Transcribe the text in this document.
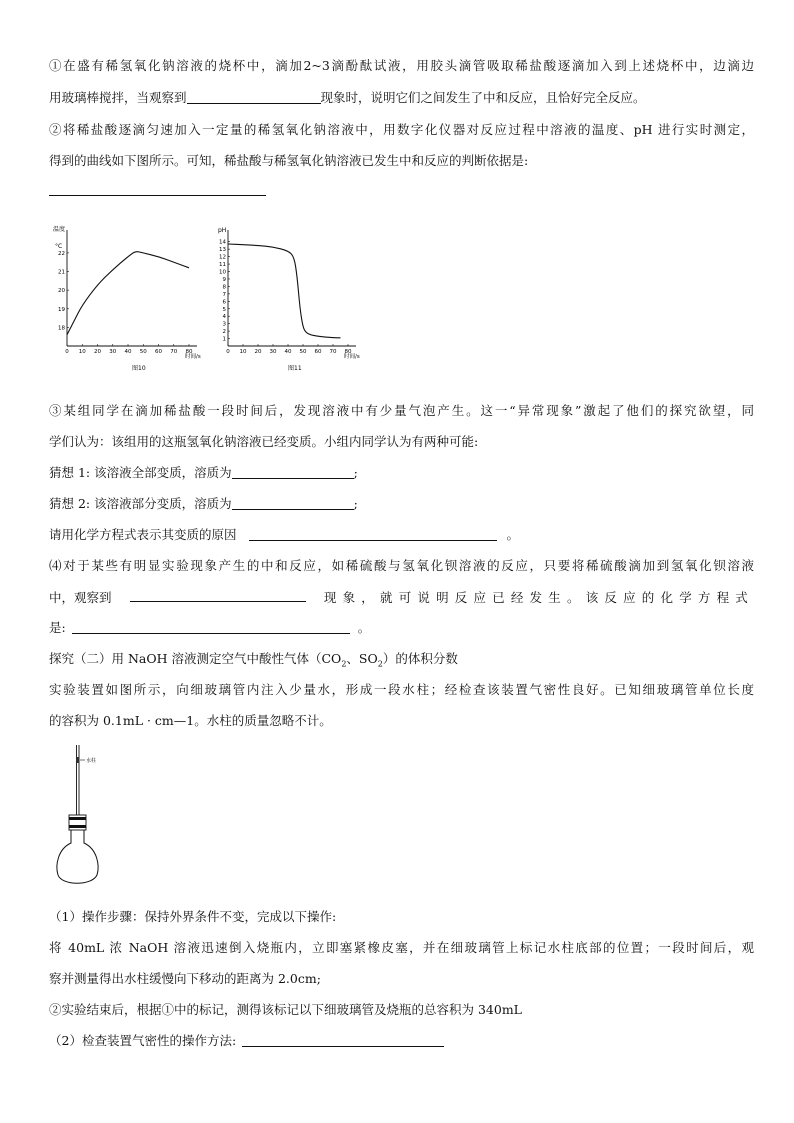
①在盛有稀氢氧化钠溶液的烧杯中，滴加2~3滴酚酞试液，用胶头滴管吸取稀盐酸逐滴加入到上述烧杯中，边滴边
用玻璃棒搅拌，当观察到	现象时，说明它们之间发生了中和反应，且恰好完全反应。
②将稀盐酸逐滴匀速加入一定量的稀氢氧化钠溶液中，用数字化仪器对反应过程中溶液的温度、pH 进行实时测定，
得到的曲线如下图所示。可知，稀盐酸与稀氢氧化钠溶液已发生中和反应的判断依据是:
0 10 20 30 40 50 60 70 80
22
21
20
19
18
温度
°C
时间/s
图10
0 10 20 30 40 50 60 70 80
14
13
12
11
10
9
8
7
6
5
4
3
2
1
pH
时间/s
图11
③某组同学在滴加稀盐酸一段时间后，发现溶液中有少量气泡产生。这一“异常现象”激起了他们的探究欲望，同
学们认为：该组用的这瓶氢氧化钠溶液已经变质。小组内同学认为有两种可能:
猜想 1: 该溶液全部变质，溶质为	;
猜想 2: 该溶液部分变质，溶质为	;
请用化学方程式表示其变质的原因	。
⑷对于某些有明显实验现象产生的中和反应，如稀硫酸与氢氧化钡溶液的反应，只要将稀硫酸滴加到氢氧化钡溶液
中，观察到	现象，就可说明反应已经发生。该反应的化学方程式
是:	。
探究（二）用 NaOH 溶液测定空气中酸性气体（$CO_2$、$SO_2$）的体积分数
实验装置如图所示，向细玻璃管内注入少量水，形成一段水柱；经检查该装置气密性良好。已知细玻璃管单位长度
的容积为 0.1mL · cm—1。水柱的质量忽略不计。
水柱
（1）操作步骤：保持外界条件不变，完成以下操作:
将 40mL 浓 NaOH 溶液迅速倒入烧瓶内，立即塞紧橡皮塞，并在细玻璃管上标记水柱底部的位置；一段时间后，观
察并测量得出水柱缓慢向下移动的距离为 2.0cm;
②实验结束后，根据①中的标记，测得该标记以下细玻璃管及烧瓶的总容积为 340mL
（2）检查装置气密性的操作方法:
